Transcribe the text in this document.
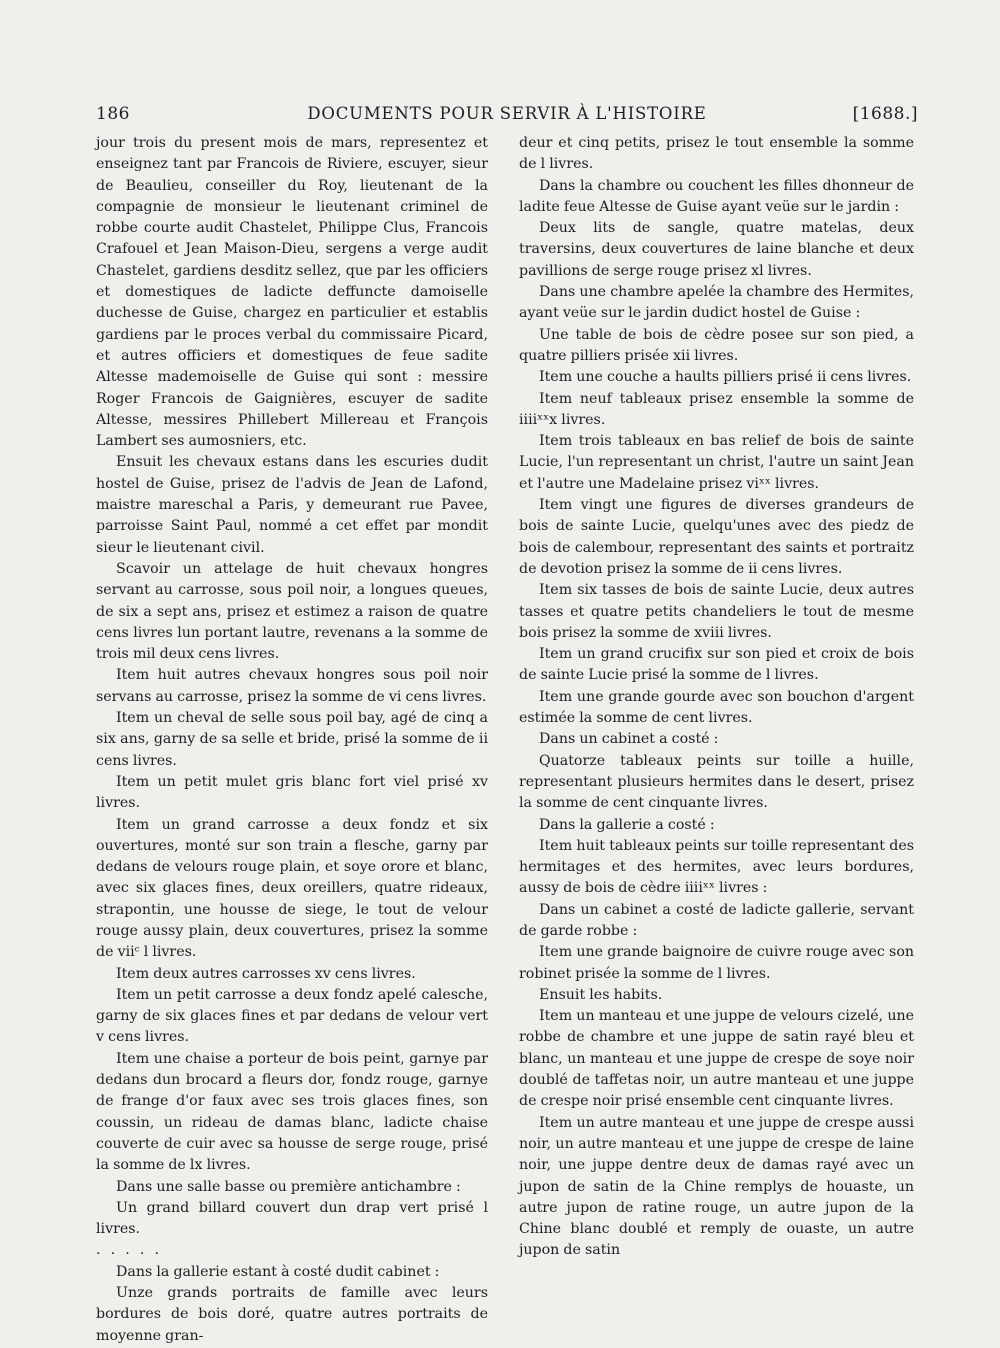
186	DOCUMENTS POUR SERVIR À L'HISTOIRE	[1688.]

jour trois du present mois de mars, representez et enseignez tant par Francois de Riviere, escuyer, sieur de Beaulieu, conseiller du Roy, lieutenant de la compagnie de monsieur le lieutenant criminel de robbe courte audit Chastelet, Philippe Clus, Francois Crafouel et Jean Maison-Dieu, sergens a verge audit Chastelet, gardiens desditz sellez, que par les officiers et domestiques de ladicte deffuncte damoiselle duchesse de Guise, chargez en particulier et establis gardiens par le proces verbal du commissaire Picard, et autres officiers et domestiques de feue sadite Altesse mademoiselle de Guise qui sont : messire Roger Francois de Gaignières, escuyer de sadite Altesse, messires Phillebert Millereau et François Lambert ses aumosniers, etc.

Ensuit les chevaux estans dans les escuries dudit hostel de Guise, prisez de l'advis de Jean de Lafond, maistre mareschal a Paris, y demeurant rue Pavee, parroisse Saint Paul, nommé a cet effet par mondit sieur le lieutenant civil.

Scavoir un attelage de huit chevaux hongres servant au carrosse, sous poil noir, a longues queues, de six a sept ans, prisez et estimez a raison de quatre cens livres lun portant lautre, revenans a la somme de trois mil deux cens livres.

Item huit autres chevaux hongres sous poil noir servans au carrosse, prisez la somme de vi cens livres.

Item un cheval de selle sous poil bay, agé de cinq a six ans, garny de sa selle et bride, prisé la somme de ii cens livres.

Item un petit mulet gris blanc fort viel prisé xv livres.

Item un grand carrosse a deux fondz et six ouvertures, monté sur son train a flesche, garny par dedans de velours rouge plain, et soye orore et blanc, avec six glaces fines, deux oreillers, quatre rideaux, strapontin, une housse de siege, le tout de velour rouge aussy plain, deux couvertures, prisez la somme de viiᶜ l livres.

Item deux autres carrosses xv cens livres.

Item un petit carrosse a deux fondz apelé calesche, garny de six glaces fines et par dedans de velour vert v cens livres.

Item une chaise a porteur de bois peint, garnye par dedans dun brocard a fleurs dor, fondz rouge, garnye de frange d'or faux avec ses trois glaces fines, son coussin, un rideau de damas blanc, ladicte chaise couverte de cuir avec sa housse de serge rouge, prisé la somme de lx livres.

Dans une salle basse ou première antichambre :

Un grand billard couvert dun drap vert prisé l livres.

. . . . .

Dans la gallerie estant à costé dudit cabinet :

Unze grands portraits de famille avec leurs bordures de bois doré, quatre autres portraits de moyenne gran-

deur et cinq petits, prisez le tout ensemble la somme de l livres.

Dans la chambre ou couchent les filles dhonneur de ladite feue Altesse de Guise ayant veüe sur le jardin :

Deux lits de sangle, quatre matelas, deux traversins, deux couvertures de laine blanche et deux pavillions de serge rouge prisez xl livres.

Dans une chambre apelée la chambre des Hermites, ayant veüe sur le jardin dudict hostel de Guise :

Une table de bois de cèdre posee sur son pied, a quatre pilliers prisée xii livres.

Item une couche a haults pilliers prisé ii cens livres.

Item neuf tableaux prisez ensemble la somme de iiiiˣˣx livres.

Item trois tableaux en bas relief de bois de sainte Lucie, l'un representant un christ, l'autre un saint Jean et l'autre une Madelaine prisez viˣˣ livres.

Item vingt une figures de diverses grandeurs de bois de sainte Lucie, quelqu'unes avec des piedz de bois de calembour, representant des saints et portraitz de devotion prisez la somme de ii cens livres.

Item six tasses de bois de sainte Lucie, deux autres tasses et quatre petits chandeliers le tout de mesme bois prisez la somme de xviii livres.

Item un grand crucifix sur son pied et croix de bois de sainte Lucie prisé la somme de l livres.

Item une grande gourde avec son bouchon d'argent estimée la somme de cent livres.

Dans un cabinet a costé :

Quatorze tableaux peints sur toille a huille, representant plusieurs hermites dans le desert, prisez la somme de cent cinquante livres.

Dans la gallerie a costé :

Item huit tableaux peints sur toille representant des hermitages et des hermites, avec leurs bordures, aussy de bois de cèdre iiiiˣˣ livres :

Dans un cabinet a costé de ladicte gallerie, servant de garde robbe :

Item une grande baignoire de cuivre rouge avec son robinet prisée la somme de l livres.

Ensuit les habits.

Item un manteau et une juppe de velours cizelé, une robbe de chambre et une juppe de satin rayé bleu et blanc, un manteau et une juppe de crespe de soye noir doublé de taffetas noir, un autre manteau et une juppe de crespe noir prisé ensemble cent cinquante livres.

Item un autre manteau et une juppe de crespe aussi noir, un autre manteau et une juppe de crespe de laine noir, une juppe dentre deux de damas rayé avec un jupon de satin de la Chine remplys de houaste, un autre jupon de ratine rouge, un autre jupon de la Chine blanc doublé et remply de ouaste, un autre jupon de satin
